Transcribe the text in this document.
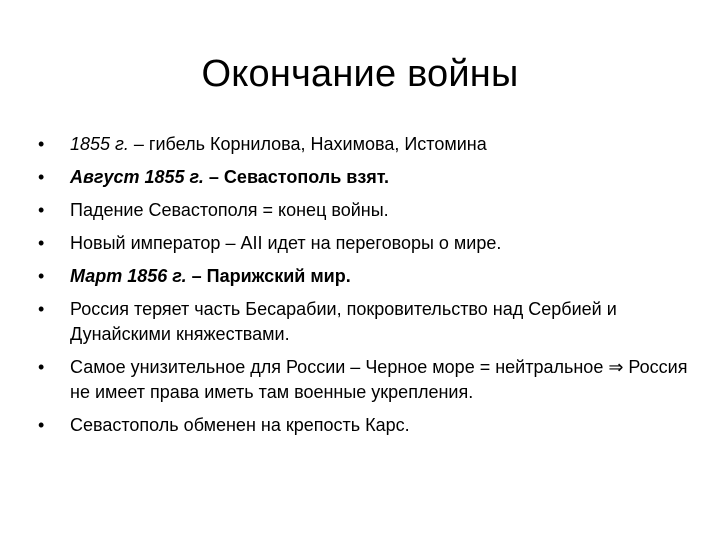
Окончание войны
•	1855 г. – гибель Корнилова, Нахимова, Истомина
•	Август 1855 г. – Севастополь взят.
•	Падение Севастополя = конец войны.
•	Новый император – AII идет на переговоры о мире.
•	Март 1856 г. – Парижский мир.
•	Россия теряет часть Бесарабии, покровительство над Сербией и Дунайскими княжествами.
•	Самое унизительное для России – Черное море = нейтральное ⇒ Россия не имеет права иметь там военные укрепления.
•	Севастополь обменен на крепость Карс.
